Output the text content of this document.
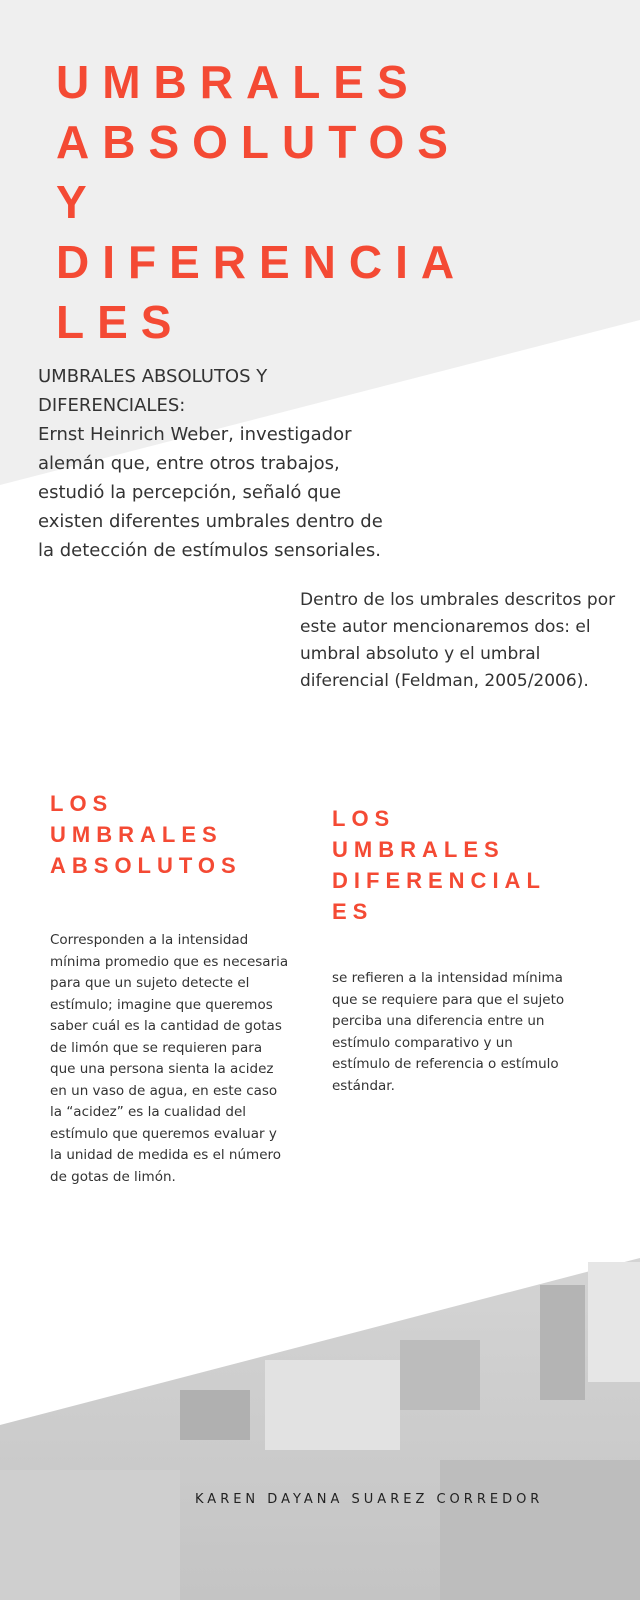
UMBRALES
ABSOLUTOS
Y
DIFERENCIA
LES

UMBRALES ABSOLUTOS Y DIFERENCIALES:

Ernst Heinrich Weber, investigador alemán que, entre otros trabajos, estudió la percepción, señaló que existen diferentes umbrales dentro de la detección de estímulos sensoriales.

Dentro de los umbrales descritos por este autor mencionaremos dos: el umbral absoluto y el umbral diferencial (Feldman, 2005/2006).

LOS
UMBRALES
ABSOLUTOS

Corresponden a la intensidad mínima promedio que es necesaria para que un sujeto detecte el estímulo; imagine que queremos saber cuál es la cantidad de gotas de limón que se requieren para que una persona sienta la acidez en un vaso de agua, en este caso la “acidez” es la cualidad del estímulo que queremos evaluar y la unidad de medida es el número de gotas de limón.

LOS
UMBRALES
DIFERENCIAL
ES

se refieren a la intensidad mínima que se requiere para que el sujeto perciba una diferencia entre un estímulo comparativo y un estímulo de referencia o estímulo estándar.

KAREN DAYANA SUAREZ CORREDOR
